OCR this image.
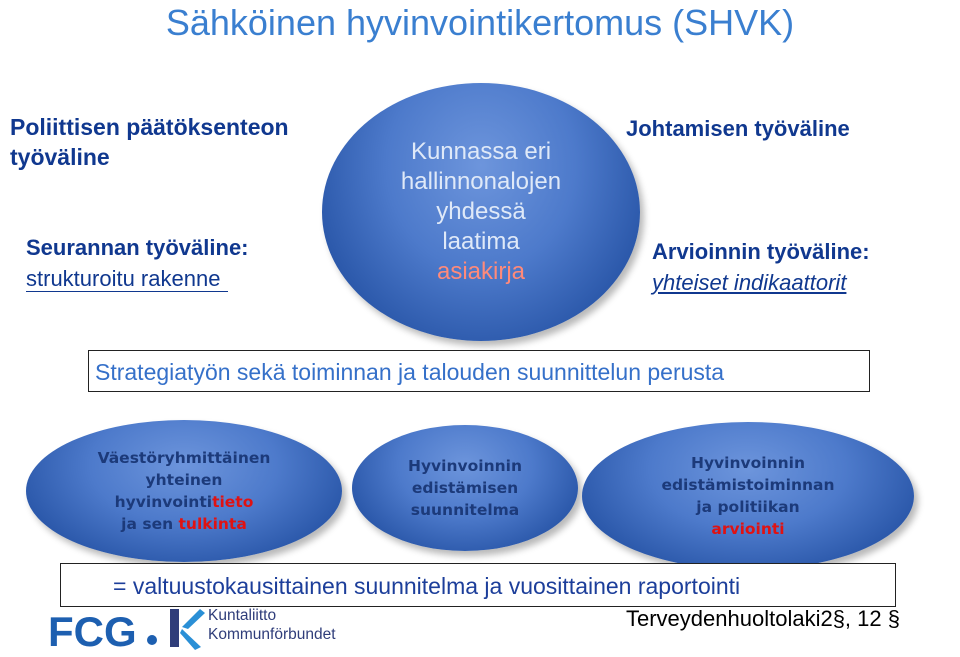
Sähköinen hyvinvointikertomus (SHVK)
Poliittisen päätöksenteon
työväline
Seurannan työväline:
strukturoitu rakenne
Johtamisen työväline
Arvioinnin työväline:
yhteiset indikaattorit
Kunnassa eri
hallinnonalojen
yhdessä
laatima
asiakirja
Strategiatyön sekä toiminnan ja talouden suunnittelun perusta
Väestöryhmittäinen
yhteinen
hyvinvointitieto
ja sen tulkinta
Hyvinvoinnin
edistämisen
suunnitelma
Hyvinvoinnin
edistämistoiminnan
ja politiikan
arviointi
= valtuustokausittainen suunnitelma ja vuosittainen raportointi
FCG	Kuntaliitto
Kommunförbundet
Terveydenhuoltolaki2§, 12 §
